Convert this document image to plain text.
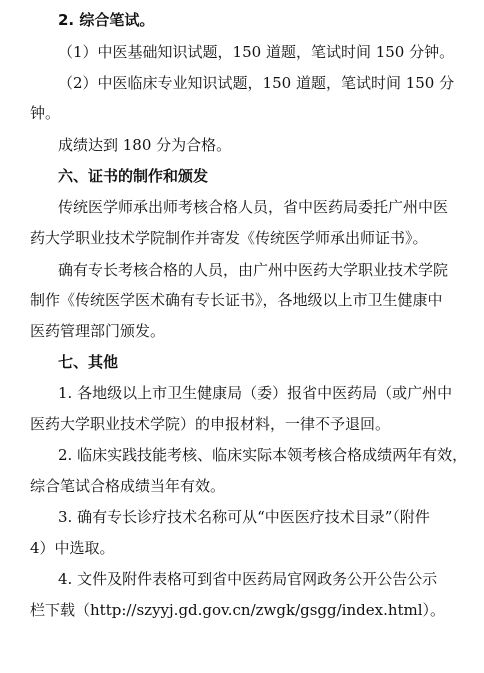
2. 综合笔试。
（1）中医基础知识试题，150 道题，笔试时间 150 分钟。
（2）中医临床专业知识试题，150 道题，笔试时间 150 分
钟。
成绩达到 180 分为合格。
六、证书的制作和颁发
传统医学师承出师考核合格人员，省中医药局委托广州中医
药大学职业技术学院制作并寄发《传统医学师承出师证书》。
确有专长考核合格的人员，由广州中医药大学职业技术学院
制作《传统医学医术确有专长证书》，各地级以上市卫生健康中
医药管理部门颁发。
七、其他
1. 各地级以上市卫生健康局（委）报省中医药局（或广州中
医药大学职业技术学院）的申报材料，一律不予退回。
2. 临床实践技能考核、临床实际本领考核合格成绩两年有效，
综合笔试合格成绩当年有效。
3. 确有专长诊疗技术名称可从“中医医疗技术目录”（附件
4）中选取。
4. 文件及附件表格可到省中医药局官网政务公开公告公示
栏下载（http://szyyj.gd.gov.cn/zwgk/gsgg/index.html）。
